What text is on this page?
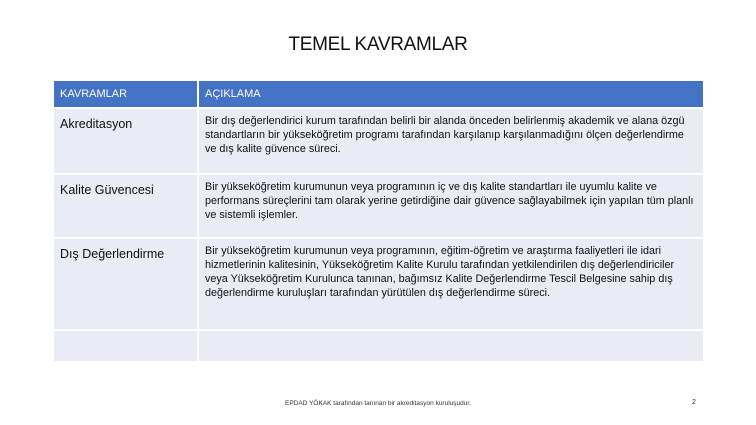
TEMEL KAVRAMLAR
KAVRAMLAR	AÇIKLAMA
Akreditasyon	Bir dış değerlendirici kurum tarafından belirli bir alanda önceden belirlenmiş akademik ve alana özgü standartların bir yükseköğretim programı tarafından karşılanıp karşılanmadığını ölçen değerlendirme ve dış kalite güvence süreci.
Kalite Güvencesi	Bir yükseköğretim kurumunun veya programının iç ve dış kalite standartları ile uyumlu kalite ve performans süreçlerini tam olarak yerine getirdiğine dair güvence sağlayabilmek için yapılan tüm planlı ve sistemli işlemler.
Dış Değerlendirme	Bir yükseköğretim kurumunun veya programının, eğitim-öğretim ve araştırma faaliyetleri ile idari hizmetlerinin kalitesinin, Yükseköğretim Kalite Kurulu tarafından yetkilendirilen dış değerlendiriciler veya Yükseköğretim Kurulunca tanınan, bağımsız Kalite Değerlendirme Tescil Belgesine sahip dış değerlendirme kuruluşları tarafından yürütülen dış değerlendirme süreci.

EPDAD YÖKAK tarafından tanınan bir akreditasyon kuruluşudur.	2
